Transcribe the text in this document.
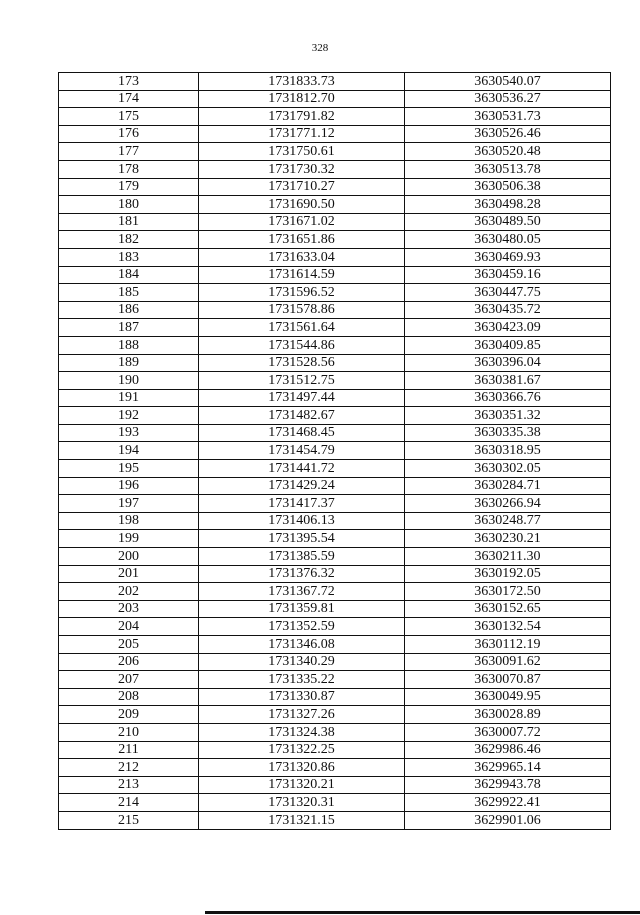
328
173	1731833.73	3630540.07
174	1731812.70	3630536.27
175	1731791.82	3630531.73
176	1731771.12	3630526.46
177	1731750.61	3630520.48
178	1731730.32	3630513.78
179	1731710.27	3630506.38
180	1731690.50	3630498.28
181	1731671.02	3630489.50
182	1731651.86	3630480.05
183	1731633.04	3630469.93
184	1731614.59	3630459.16
185	1731596.52	3630447.75
186	1731578.86	3630435.72
187	1731561.64	3630423.09
188	1731544.86	3630409.85
189	1731528.56	3630396.04
190	1731512.75	3630381.67
191	1731497.44	3630366.76
192	1731482.67	3630351.32
193	1731468.45	3630335.38
194	1731454.79	3630318.95
195	1731441.72	3630302.05
196	1731429.24	3630284.71
197	1731417.37	3630266.94
198	1731406.13	3630248.77
199	1731395.54	3630230.21
200	1731385.59	3630211.30
201	1731376.32	3630192.05
202	1731367.72	3630172.50
203	1731359.81	3630152.65
204	1731352.59	3630132.54
205	1731346.08	3630112.19
206	1731340.29	3630091.62
207	1731335.22	3630070.87
208	1731330.87	3630049.95
209	1731327.26	3630028.89
210	1731324.38	3630007.72
211	1731322.25	3629986.46
212	1731320.86	3629965.14
213	1731320.21	3629943.78
214	1731320.31	3629922.41
215	1731321.15	3629901.06
